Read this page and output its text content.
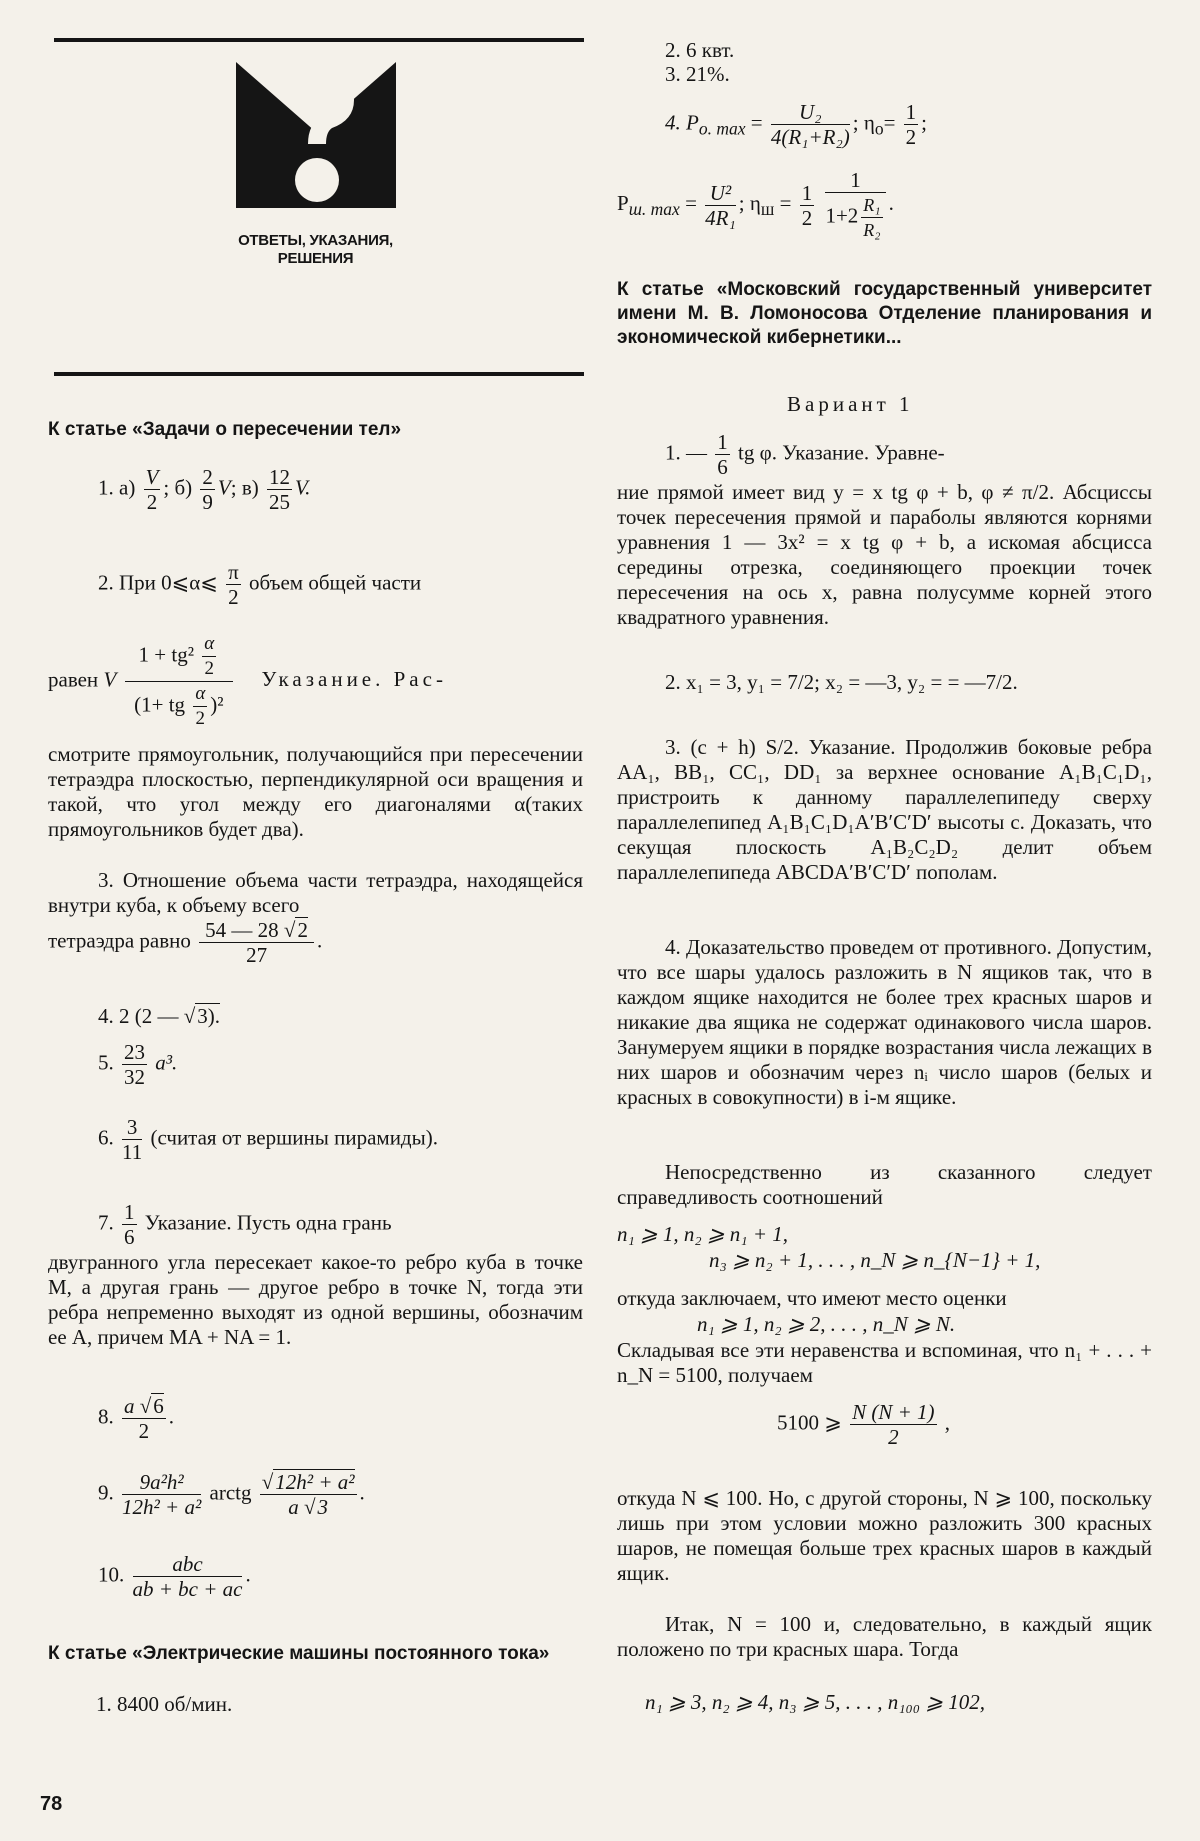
ОТВЕТЫ, УКАЗАНИЯ,
РЕШЕНИЯ
К статье «Задачи о пересечении тел»
1. $а) \frac{V}{2}$ ; $б) \frac{2}{9} V$; $в) \frac{12}{25} V$.
2. При 0⩽α⩽ $\frac{\pi}{2}$ объем общей части
равен V $\frac{1 + tg^2 \frac{\alpha}{2}}{(1+ tg \frac{\alpha}{2} )^2}$ Указание. Рас-
смотрите прямоугольник, получающийся при пересечении тетраэдра плоскостью, перпендикулярной оси вращения и такой, что угол между его диагоналями α(таких прямоугольников будет два).
3. Отношение объема части тетраэдра, находящейся внутри куба, к объему всего
тетраэдра равно $\frac{54 — 28 √2}{27}$ .
4. 2 (2 — √3).
5. $\frac{23}{32} a^3$.
6. $\frac{3}{11}$ (считая от вершины пирамиды).
7. $\frac{1}{6}$ Указание. Пусть одна грань
двугранного угла пересекает какое-то ребро куба в точке M, а другая грань — другое ребро в точке N, тогда эти ребра непременно выходят из одной вершины, обозначим ее A, причем MA + NA = 1.
8. $\frac{a √6}{2}$ .
9. $\frac{\text{9a²h²}}{\text{12h² + a²}}$ arctg $\frac{\text{√12h² + a²}}{a √3}$ .
10.	abc
ab + bc + ac
.
К статье «Электрические машины постоянного тока»
1. 8400 об/мин.
2. 6 квт.
3. 21%.
4. $P_{o. max} = \frac{\text{U₂}}{\text{4(R₁+R₂)}}$ ; $\eta_o= \frac{1}{2}$ ;
$P_{ш. max} = \frac{\text{U²}}{\text{4R₁}}$ ; $\eta_ш = \frac{1}{2}$
$\frac{1}{1+2 \frac{\text{R₁}}{\text{R₂}}}$ .
К статье «Московский государственный университет имени М. В. Ломоносова Отделение планирования и экономической кибернетики...
Вариант 1
1. — $\frac{1}{6}$ tg φ. Указание. Уравне-
ние прямой имеет вид y = x tg φ + b, φ ≠ π/2. Абсциссы точек пересечения прямой и параболы являются корнями уравнения 1 — 3x² = x tg φ + b, а искомая абсцисса середины отрезка, соединяющего проекции точек пересечения на ось x, равна полусумме корней этого квадратного уравнения.
2. x₁ = 3, y₁ = 7/2; x₂ = —3, y₂ = = —7/2.
3. (c + h) S/2. Указание. Продолжив боковые ребра AA₁, BB₁, CC₁, DD₁ за верхнее основание A₁B₁C₁D₁, пристроить к данному параллелепипеду сверху параллелепипед A₁B₁C₁D₁A′B′C′D′ высоты c. Доказать, что секущая плоскость A₁B₂C₂D₂ делит объем параллелепипеда ABCDA′B′C′D′ пополам.
4. Доказательство проведем от противного. Допустим, что все шары удалось разложить в N ящиков так, что в каждом ящике находится не более трех красных шаров и никакие два ящика не содержат одинакового числа шаров. Занумеруем ящики в порядке возрастания числа лежащих в них шаров и обозначим через nᵢ число шаров (белых и красных в совокупности) в i-м ящике.
Непосредственно из сказанного следует справедливость соотношений
n₁ ⩾ 1, n₂ ⩾ n₁ + 1,
n₃ ⩾ n₂ + 1, . . . , n_N ⩾ n_{N−1} + 1,
откуда заключаем, что имеют место оценки
n₁ ⩾ 1, n₂ ⩾ 2, . . . , n_N ⩾ N.
Складывая все эти неравенства и вспоминая, что n₁ + . . . + n_N = 5100, получаем
5100 ⩾ $\frac{N (N + 1)}{2}$ ,
откуда N ⩽ 100. Но, с другой стороны, N ⩾ 100, поскольку лишь при этом условии можно разложить 300 красных шаров, не помещая больше трех красных шаров в каждый ящик.
Итак, N = 100 и, следовательно, в каждый ящик положено по три красных шара. Тогда
n₁ ⩾ 3, n₂ ⩾ 4, n₃ ⩾ 5, . . . , n₁₀₀ ⩾ 102,
78
